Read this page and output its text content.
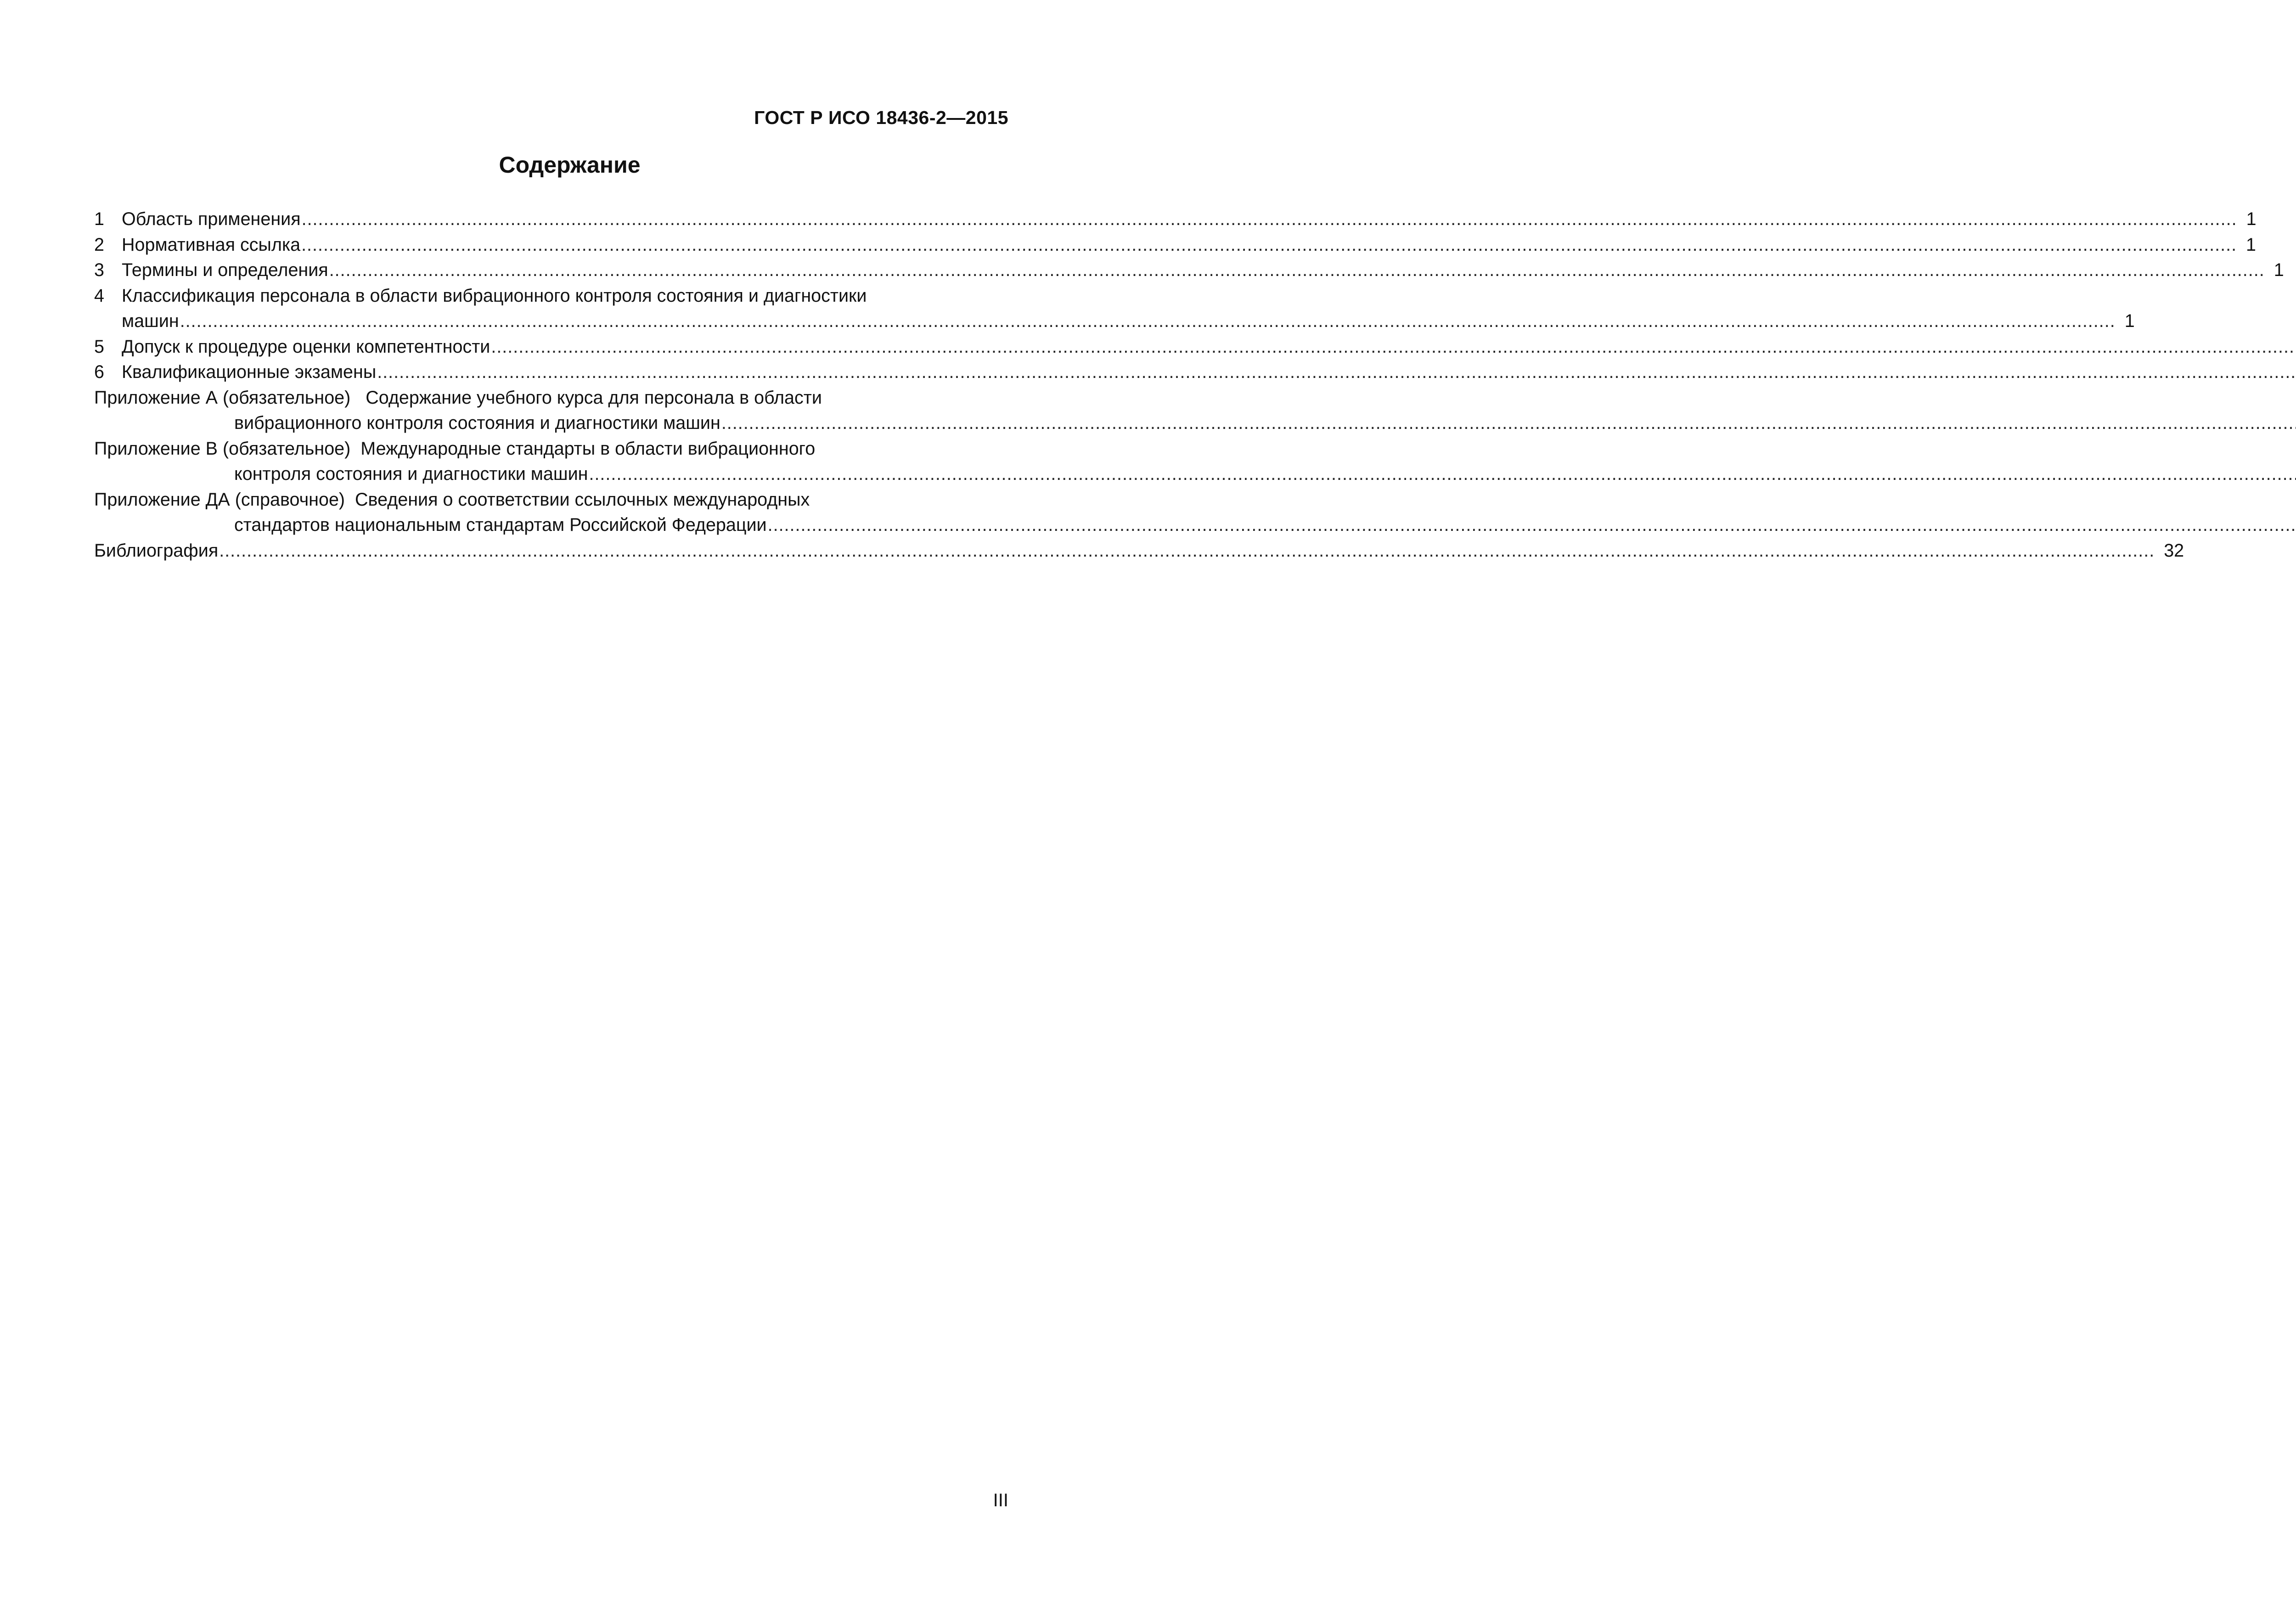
ГОСТ Р ИСО 18436-2—2015
Содержание
1 Область применения .....	1
2 Нормативная ссылка .....	1
3 Термины и определения .....	1
4 Классификация персонала в области вибрационного контроля состояния и диагностики
машин .....	1
5 Допуск к процедуре оценки компетентности
.....
6 Квалификационные экзамены
.....
Приложение А (обязательное)   Содержание учебного курса для персонала в области
вибрационного контроля состояния и диагностики машин
.....
Приложение В (обязательное)  Международные стандарты в области вибрационного
контроля состояния и диагностики машин
.....
Приложение ДА (справочное)  Сведения о соответствии ссылочных международных
стандартов национальным стандартам Российской Федерации
.....
Библиография .....	32
III
